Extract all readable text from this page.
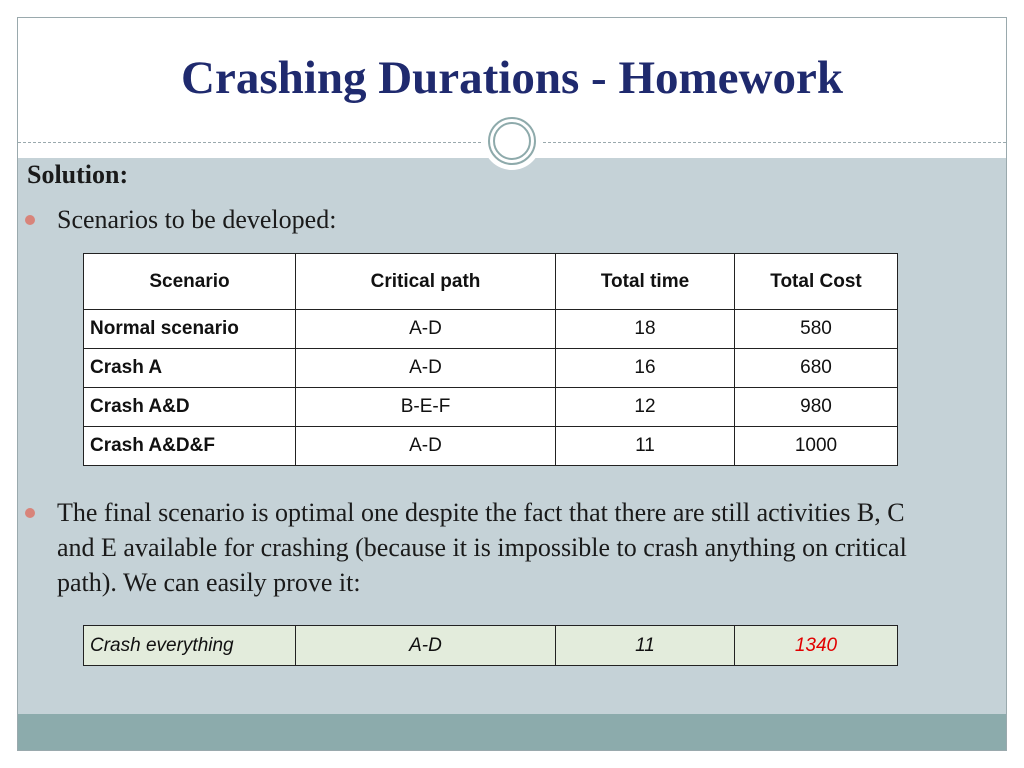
Crashing Durations - Homework
Solution:
Scenarios to be developed:
Scenario	Critical path	Total time	Total Cost
Normal scenario	A-D	18	580
Crash A	A-D	16	680
Crash A&D	B-E-F	12	980
Crash A&D&F	A-D	11	1000
The final scenario is optimal one despite the fact that there are still activities B, C and E available for crashing (because it is impossible to crash anything on critical path). We can easily prove it:
Crash everything	A-D	11	1340
